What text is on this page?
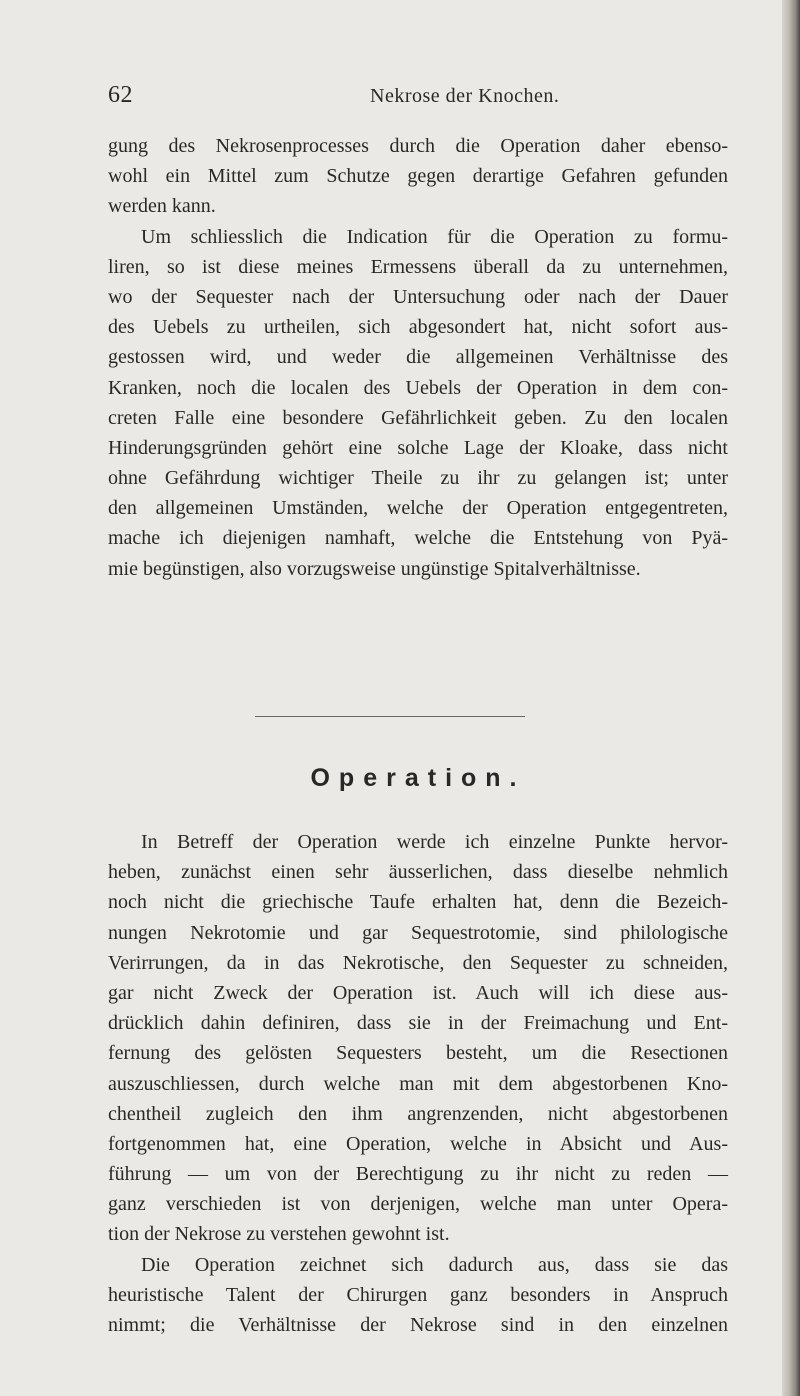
62	Nekrose der Knochen.
gung des Nekrosenprocesses durch die Operation daher ebenso-
wohl ein Mittel zum Schutze gegen derartige Gefahren gefunden
werden kann.
Um schliesslich die Indication für die Operation zu formu-
liren, so ist diese meines Ermessens überall da zu unternehmen,
wo der Sequester nach der Untersuchung oder nach der Dauer
des Uebels zu urtheilen, sich abgesondert hat, nicht sofort aus-
gestossen wird, und weder die allgemeinen Verhältnisse des
Kranken, noch die localen des Uebels der Operation in dem con-
creten Falle eine besondere Gefährlichkeit geben. Zu den localen
Hinderungsgründen gehört eine solche Lage der Kloake, dass nicht
ohne Gefährdung wichtiger Theile zu ihr zu gelangen ist; unter
den allgemeinen Umständen, welche der Operation entgegentreten,
mache ich diejenigen namhaft, welche die Entstehung von Pyä-
mie begünstigen, also vorzugsweise ungünstige Spitalverhältnisse.
Operation.
In Betreff der Operation werde ich einzelne Punkte hervor-
heben, zunächst einen sehr äusserlichen, dass dieselbe nehmlich
noch nicht die griechische Taufe erhalten hat, denn die Bezeich-
nungen Nekrotomie und gar Sequestrotomie, sind philologische
Verirrungen, da in das Nekrotische, den Sequester zu schneiden,
gar nicht Zweck der Operation ist. Auch will ich diese aus-
drücklich dahin definiren, dass sie in der Freimachung und Ent-
fernung des gelösten Sequesters besteht, um die Resectionen
auszuschliessen, durch welche man mit dem abgestorbenen Kno-
chentheil zugleich den ihm angrenzenden, nicht abgestorbenen
fortgenommen hat, eine Operation, welche in Absicht und Aus-
führung — um von der Berechtigung zu ihr nicht zu reden —
ganz verschieden ist von derjenigen, welche man unter Opera-
tion der Nekrose zu verstehen gewohnt ist.
Die Operation zeichnet sich dadurch aus, dass sie das
heuristische Talent der Chirurgen ganz besonders in Anspruch
nimmt; die Verhältnisse der Nekrose sind in den einzelnen
